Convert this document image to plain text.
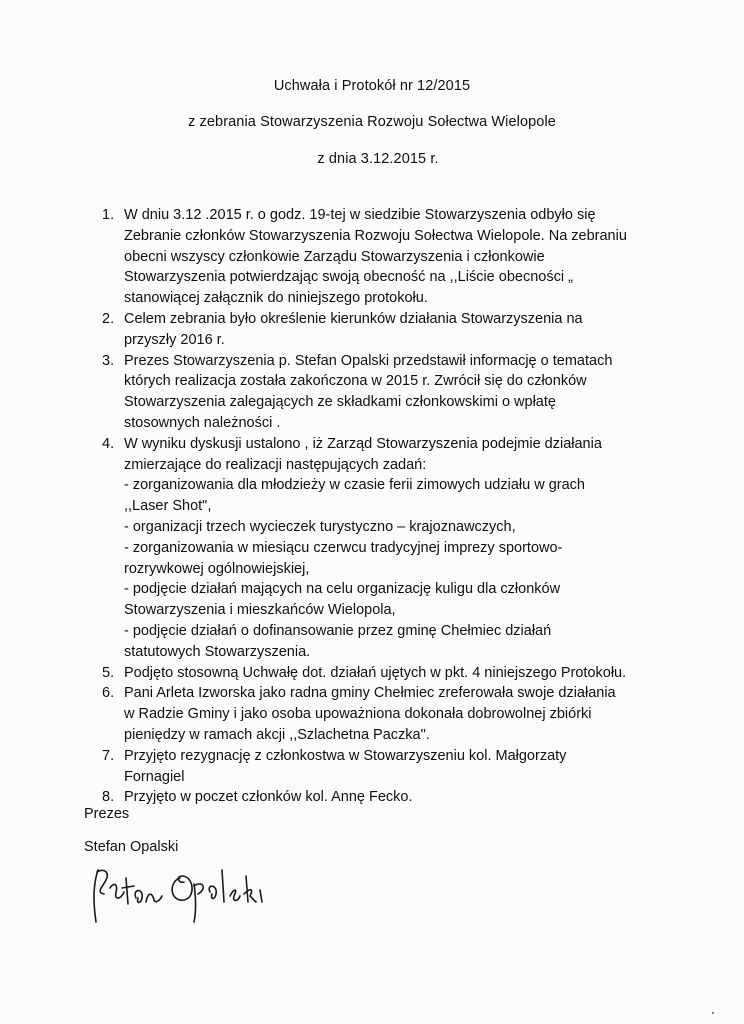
Uchwała i Protokół nr 12/2015
z zebrania Stowarzyszenia Rozwoju Sołectwa Wielopole
z dnia 3.12.2015 r.
1. W dniu 3.12 .2015 r. o godz. 19-tej w siedzibie Stowarzyszenia odbyło się
Zebranie członków Stowarzyszenia Rozwoju Sołectwa Wielopole. Na zebraniu
obecni wszyscy członkowie Zarządu Stowarzyszenia i członkowie
Stowarzyszenia potwierdzając swoją obecność na ,,Liście obecności „
stanowiącej załącznik do niniejszego protokołu.
2. Celem zebrania było określenie kierunków działania Stowarzyszenia na
przyszły 2016 r.
3. Prezes Stowarzyszenia p. Stefan Opalski przedstawił informację o tematach
których realizacja została zakończona w 2015 r. Zwrócił się do członków
Stowarzyszenia zalegających ze składkami członkowskimi o wpłatę
stosownych należności .
4. W wyniku dyskusji ustalono , iż Zarząd Stowarzyszenia podejmie działania
zmierzające do realizacji następujących zadań:
- zorganizowania dla młodzieży w czasie ferii zimowych udziału w grach
,,Laser Shot",
- organizacji trzech wycieczek turystyczno – krajoznawczych,
- zorganizowania w miesiącu czerwcu tradycyjnej imprezy sportowo-
rozrywkowej ogólnowiejskiej,
- podjęcie działań mających na celu organizację kuligu dla członków
Stowarzyszenia i mieszkańców Wielopola,
- podjęcie działań o dofinansowanie przez gminę Chełmiec działań
statutowych Stowarzyszenia.
5. Podjęto stosowną Uchwałę dot. działań ujętych w pkt. 4 niniejszego Protokołu.
6. Pani Arleta Izworska jako radna gminy Chełmiec zreferowała swoje działania
w Radzie Gminy i jako osoba upoważniona dokonała dobrowolnej zbiórki
pieniędzy w ramach akcji ,,Szlachetna Paczka".
7. Przyjęto rezygnację z członkostwa w Stowarzyszeniu kol. Małgorzaty
Fornagiel
8. Przyjęto w poczet członków kol. Annę Fecko.
Prezes
Stefan Opalski
